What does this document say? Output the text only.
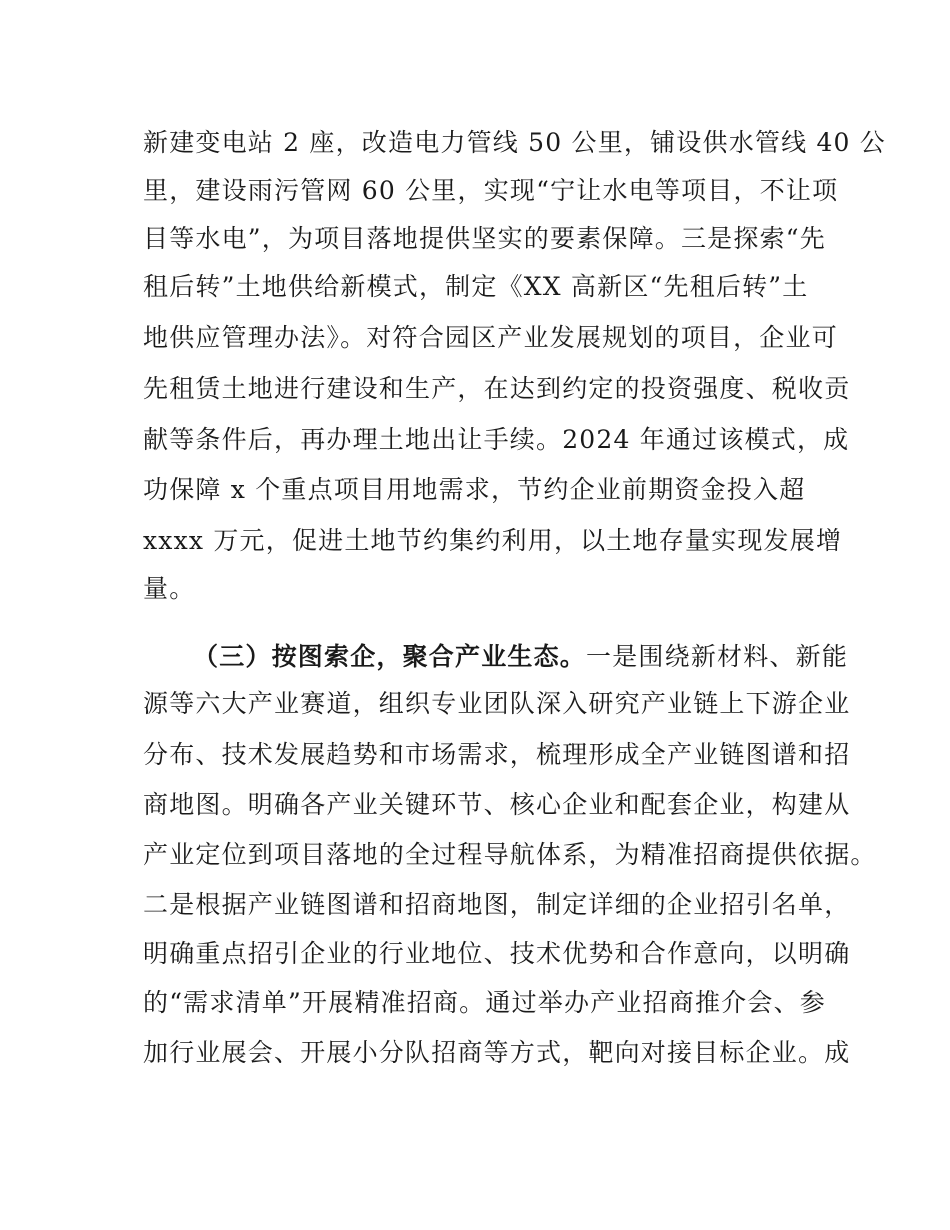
新建变电站 2 座，改造电力管线 50 公里，铺设供水管线 40 公
里，建设雨污管网 60 公里，实现“宁让水电等项目，不让项
目等水电”，为项目落地提供坚实的要素保障。三是探索“先
租后转”土地供给新模式，制定《XX 高新区“先租后转”土
地供应管理办法》。对符合园区产业发展规划的项目，企业可
先租赁土地进行建设和生产，在达到约定的投资强度、税收贡
献等条件后，再办理土地出让手续。2024 年通过该模式，成
功保障 x 个重点项目用地需求，节约企业前期资金投入超
xxxx 万元，促进土地节约集约利用，以土地存量实现发展增
量。
（三）按图索企，聚合产业生态。一是围绕新材料、新能
源等六大产业赛道，组织专业团队深入研究产业链上下游企业
分布、技术发展趋势和市场需求，梳理形成全产业链图谱和招
商地图。明确各产业关键环节、核心企业和配套企业，构建从
产业定位到项目落地的全过程导航体系，为精准招商提供依据。
二是根据产业链图谱和招商地图，制定详细的企业招引名单，
明确重点招引企业的行业地位、技术优势和合作意向，以明确
的“需求清单”开展精准招商。通过举办产业招商推介会、参
加行业展会、开展小分队招商等方式，靶向对接目标企业。成
